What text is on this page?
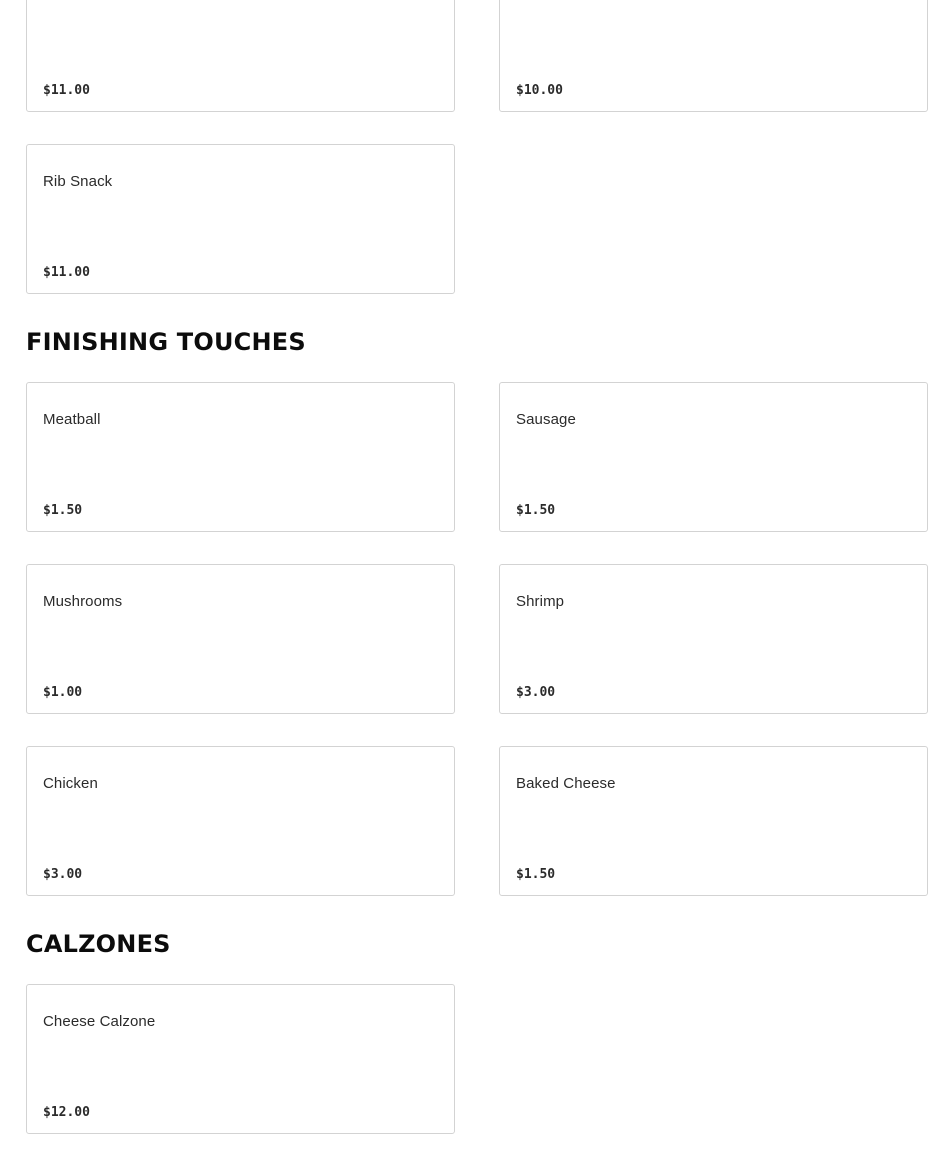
$11.00	$10.00
Rib Snack
$11.00
FINISHING TOUCHES
Meatball
$1.50
Sausage
$1.50
Mushrooms
$1.00
Shrimp
$3.00
Chicken
$3.00
Baked Cheese
$1.50
CALZONES
Cheese Calzone
$12.00
